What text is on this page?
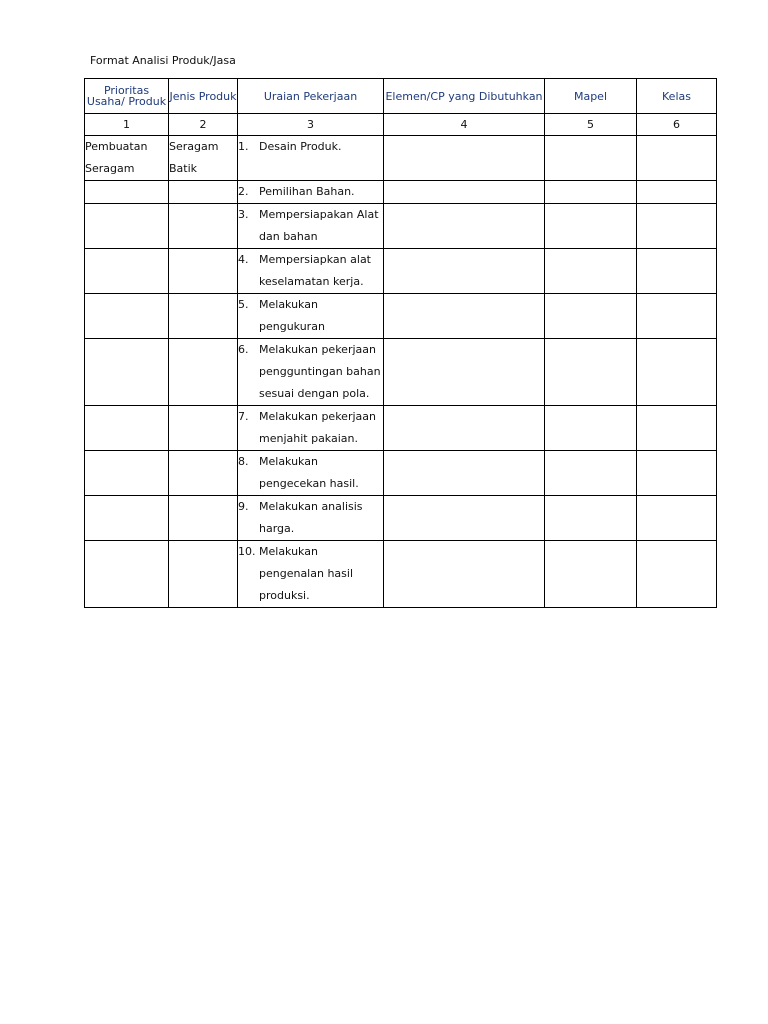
Format Analisi Produk/Jasa
Prioritas Usaha/ Produk	Jenis Produk	Uraian Pekerjaan	Elemen/CP yang Dibutuhkan	Mapel	Kelas
1	2	3	4	5	6
Pembuatan Seragam	Seragam Batik	1. Desain Produk.			

		2. Pemilihan Bahan.			

		3. Mempersiapakan Alat dan bahan			

		4. Mempersiapkan alat keselamatan kerja.			

		5. Melakukan pengukuran			

		6. Melakukan pekerjaan pengguntingan bahan sesuai dengan pola.			

		7. Melakukan pekerjaan menjahit pakaian.			

		8. Melakukan pengecekan hasil.			

		9. Melakukan analisis harga.			

		10. Melakukan pengenalan hasil produksi.			
